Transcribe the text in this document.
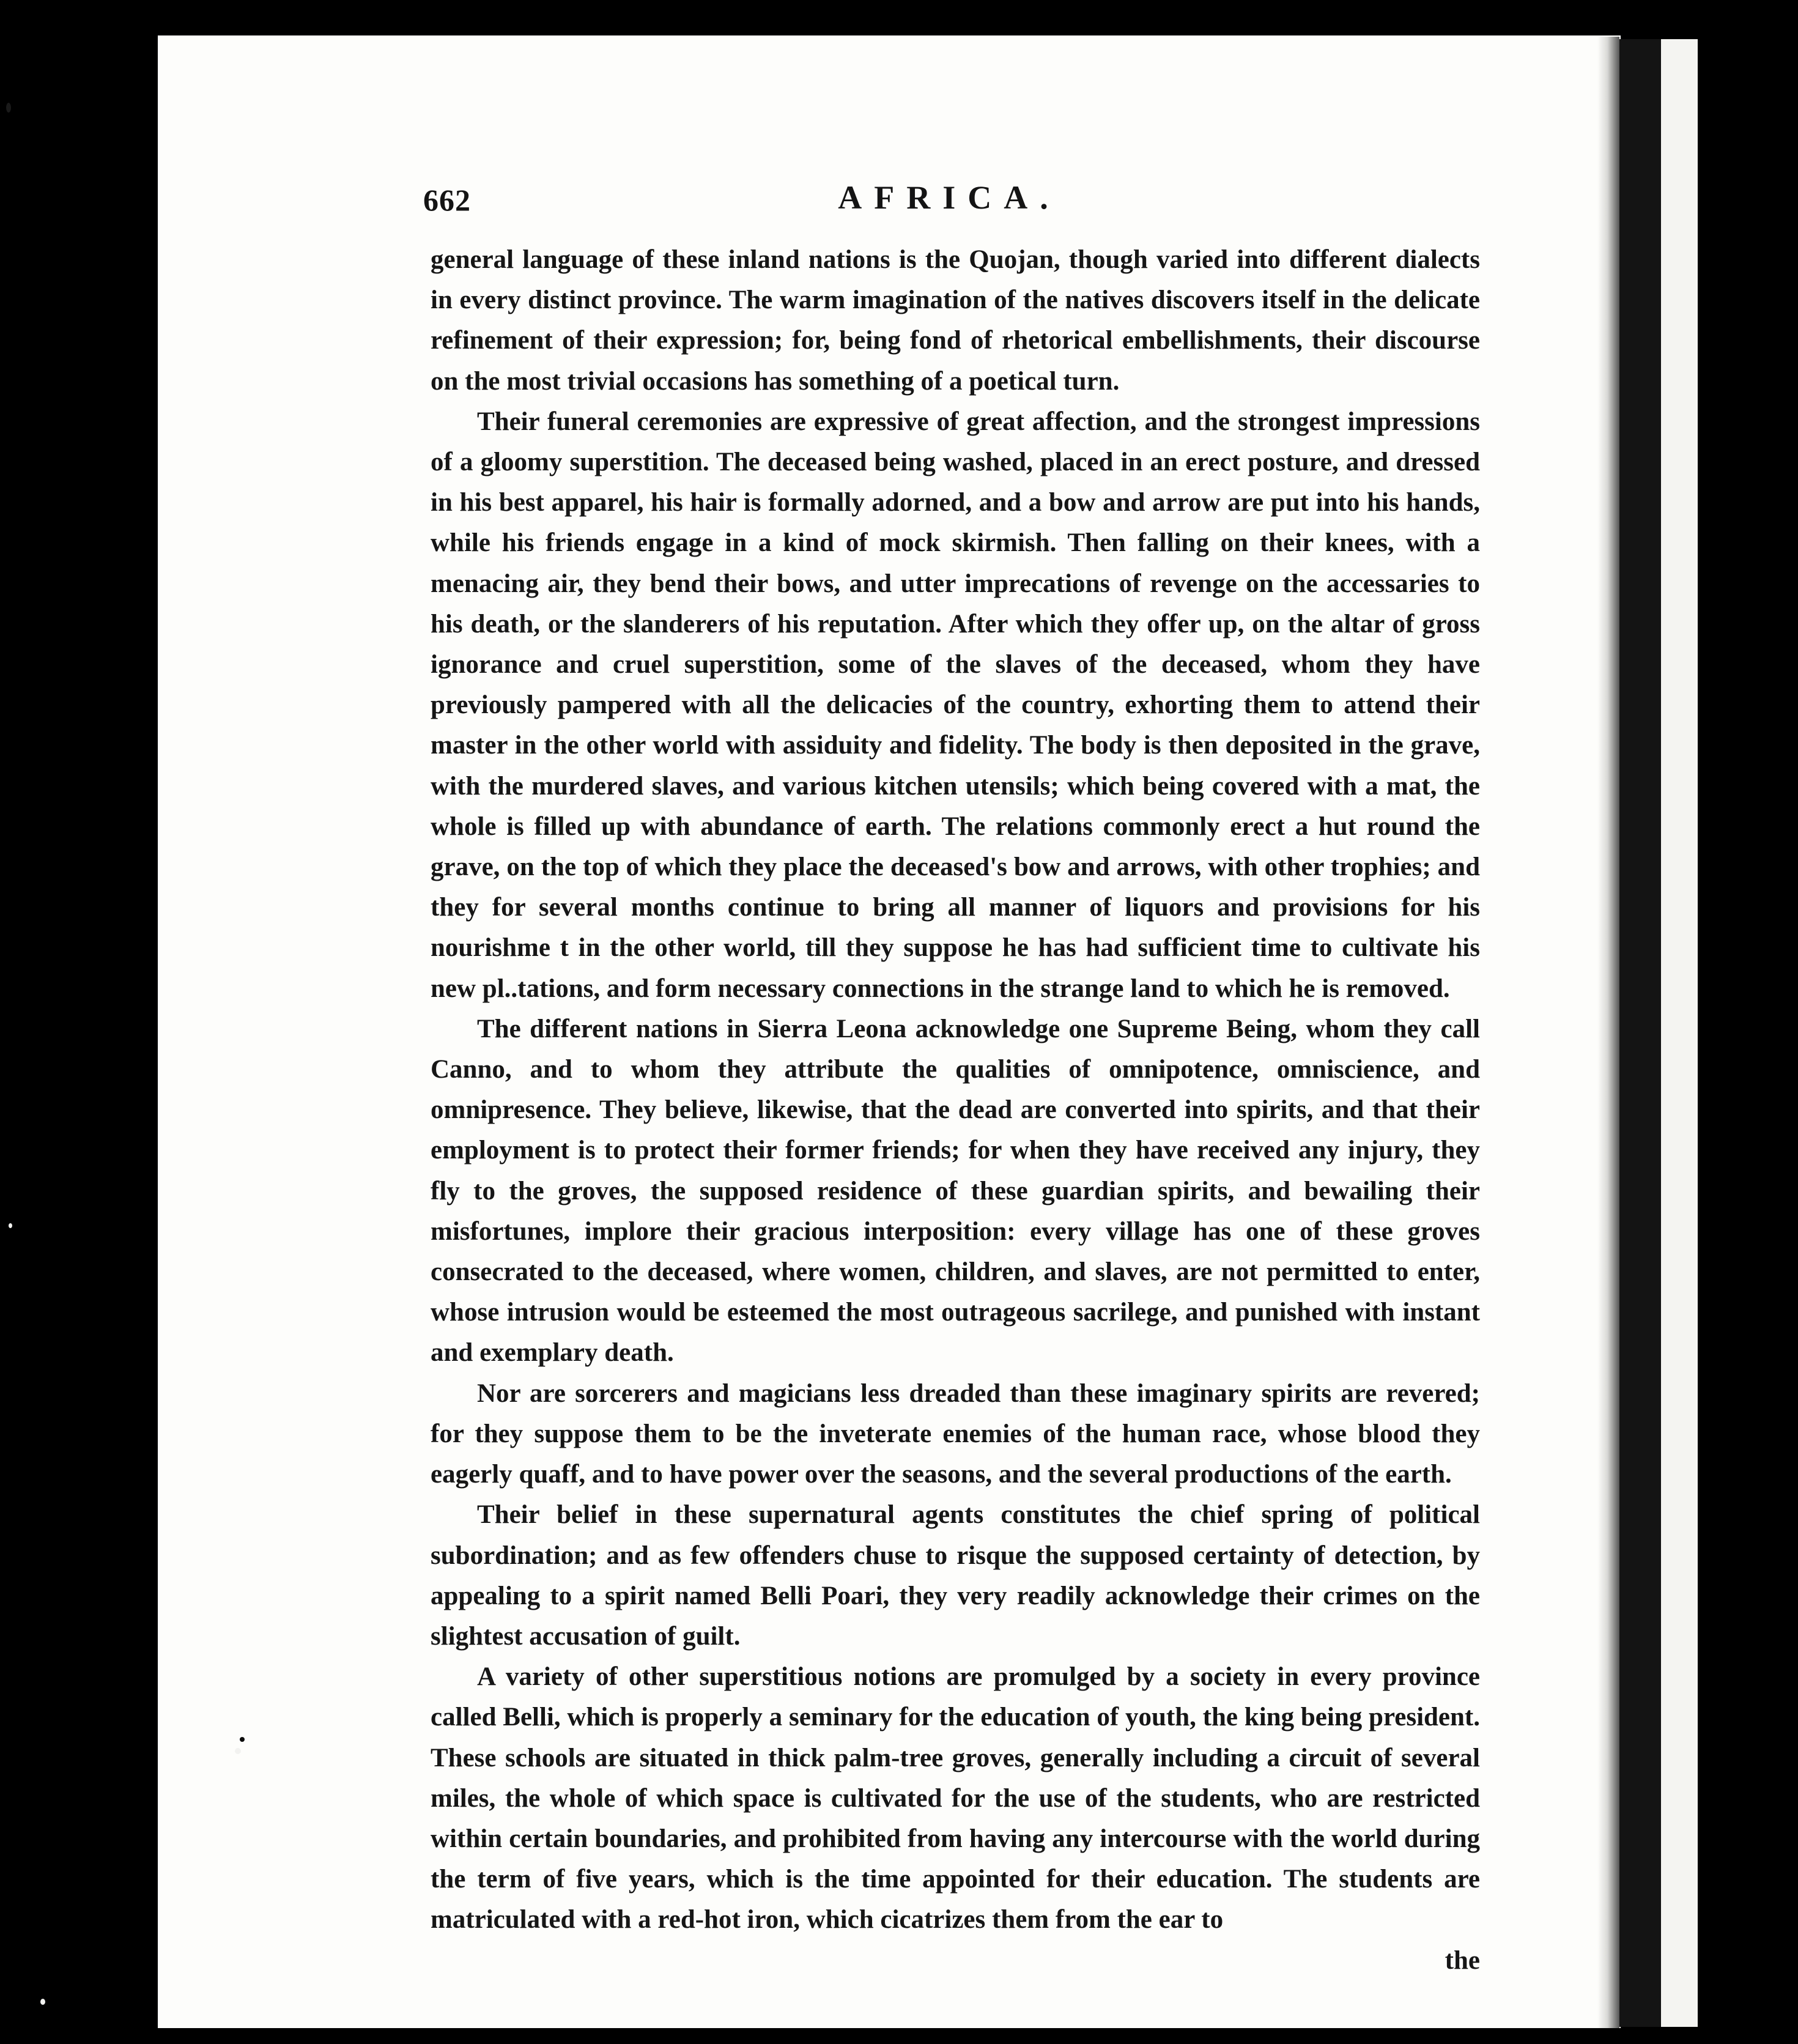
662	AFRICA.

general language of these inland nations is the Quojan, though varied into different dialects in every distinct province. The warm imagination of the natives discovers itself in the delicate refinement of their expression; for, being fond of rhetorical embellishments, their discourse on the most trivial occasions has something of a poetical turn.

Their funeral ceremonies are expressive of great affection, and the strongest impressions of a gloomy superstition. The deceased being washed, placed in an erect posture, and dressed in his best apparel, his hair is formally adorned, and a bow and arrow are put into his hands, while his friends engage in a kind of mock skirmish. Then falling on their knees, with a menacing air, they bend their bows, and utter imprecations of revenge on the accessaries to his death, or the slanderers of his reputation. After which they offer up, on the altar of gross ignorance and cruel superstition, some of the slaves of the deceased, whom they have previously pampered with all the delicacies of the country, exhorting them to attend their master in the other world with assiduity and fidelity. The body is then deposited in the grave, with the murdered slaves, and various kitchen utensils; which being covered with a mat, the whole is filled up with abundance of earth. The relations commonly erect a hut round the grave, on the top of which they place the deceased's bow and arrows, with other trophies; and they for several months continue to bring all manner of liquors and provisions for his nourishme t in the other world, till they suppose he has had sufficient time to cultivate his new pl..tations, and form necessary connections in the strange land to which he is removed.

The different nations in Sierra Leona acknowledge one Supreme Being, whom they call Canno, and to whom they attribute the qualities of omnipotence, omniscience, and omnipresence. They believe, likewise, that the dead are converted into spirits, and that their employment is to protect their former friends; for when they have received any injury, they fly to the groves, the supposed residence of these guardian spirits, and bewailing their misfortunes, implore their gracious interposition: every village has one of these groves consecrated to the deceased, where women, children, and slaves, are not permitted to enter, whose intrusion would be esteemed the most outrageous sacrilege, and punished with instant and exemplary death.

Nor are sorcerers and magicians less dreaded than these imaginary spirits are revered; for they suppose them to be the inveterate enemies of the human race, whose blood they eagerly quaff, and to have power over the seasons, and the several productions of the earth.

Their belief in these supernatural agents constitutes the chief spring of political subordination; and as few offenders chuse to risque the supposed certainty of detection, by appealing to a spirit named Belli Poari, they very readily acknowledge their crimes on the slightest accusation of guilt.

A variety of other superstitious notions are promulged by a society in every province called Belli, which is properly a seminary for the education of youth, the king being president. These schools are situated in thick palm-tree groves, generally including a circuit of several miles, the whole of which space is cultivated for the use of the students, who are restricted within certain boundaries, and prohibited from having any intercourse with the world during the term of five years, which is the time appointed for their education. The students are matriculated with a red-hot iron, which cicatrizes them from the ear to

the
